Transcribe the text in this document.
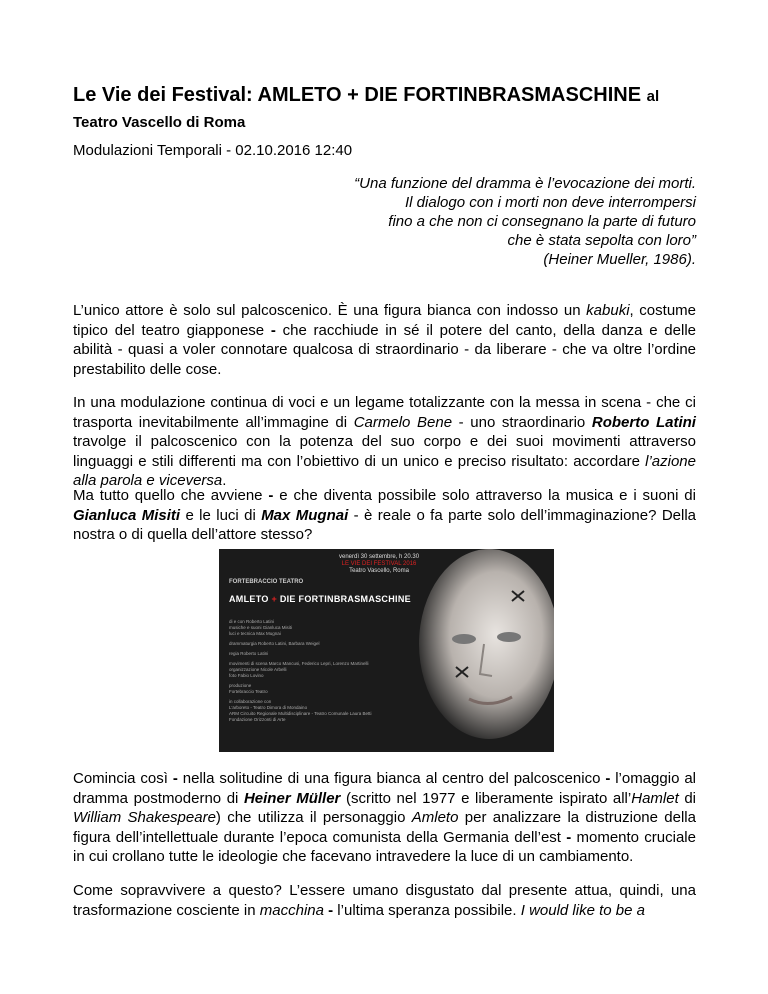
Le Vie dei Festival: AMLETO + DIE FORTINBRASMASCHINE al
Teatro Vascello di Roma
Modulazioni Temporali - 02.10.2016 12:40
“Una funzione del dramma è l’evocazione dei morti.
Il dialogo con i morti non deve interrompersi
fino a che non ci consegnano la parte di futuro
che è stata sepolta con loro”
(Heiner Mueller, 1986).

L’unico attore è solo sul palcoscenico. È una figura bianca con indosso un kabuki, costume tipico del teatro giapponese - che racchiude in sé il potere del canto, della danza e delle abilità - quasi a voler connotare qualcosa di straordinario - da liberare - che va oltre l’ordine prestabilito delle cose.

In una modulazione continua di voci e un legame totalizzante con la messa in scena - che ci trasporta inevitabilmente all’immagine di Carmelo Bene - uno straordinario Roberto Latini travolge il palcoscenico con la potenza del suo corpo e dei suoi movimenti attraverso linguaggi e stili differenti ma con l’obiettivo di un unico e preciso risultato: accordare l’azione alla parola e viceversa.

Ma tutto quello che avviene - e che diventa possibile solo attraverso la musica e i suoni di Gianluca Misiti e le luci di Max Mugnai - è reale o fa parte solo dell’immaginazione? Della nostra o di quella dell’attore stesso?

venerdì 30 settembre, h 20.30
LE VIE DEI FESTIVAL 2016
Teatro Vascello, Roma
FORTEBRACCIO TEATRO
AMLETO + DIE FORTINBRASMASCHINE
di e con Roberto Latini
musiche e suoni Gianluca Misiti
luci e tecnica Max Mugnai
drammaturgia Roberto Latini, Barbara Weigel
regia Roberto Latini
movimenti di scena Marco Mancusi, Federico Lepri, Lorenzo Martinelli
organizzazione Nicole Arbelli
foto Fabio Lovino
produzione
Fortebraccio Teatro
in collaborazione con
L'arboreto - Teatro Dimora di Mondaino
ARM Circuito Regionale Multidisciplinare - Teatro Comunale Laura Betti
Fondazione Orizzonti di Arte

Comincia così - nella solitudine di una figura bianca al centro del palcoscenico - l’omaggio al dramma postmoderno di Heiner Müller (scritto nel 1977 e liberamente ispirato all’Hamlet di William Shakespeare) che utilizza il personaggio Amleto per analizzare la distruzione della figura dell’intellettuale durante l’epoca comunista della Germania dell’est - momento cruciale in cui crollano tutte le ideologie che facevano intravedere la luce di un cambiamento.

Come sopravvivere a questo? L’essere umano disgustato dal presente attua, quindi, una trasformazione cosciente in macchina - l’ultima speranza possibile. I would like to be a
